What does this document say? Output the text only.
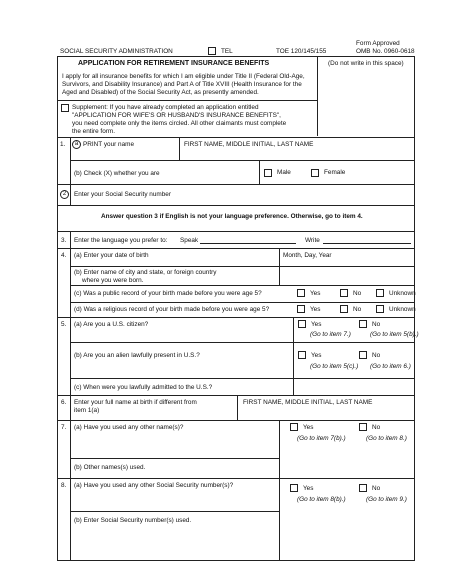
Form Approved
OMB No. 0960-0618
SOCIAL SECURITY ADMINISTRATION	TEL	TOE 120/145/155
APPLICATION FOR RETIREMENT INSURANCE BENEFITS	(Do not write in this space)
I apply for all insurance benefits for which I am eligible under Title II (Federal Old-Age,
Survivors, and Disability Insurance) and Part A of Title XVIII (Health Insurance for the
Aged and Disabled) of the Social Security Act, as presently amended.
Supplement: If you have already completed an application entitled
"APPLICATION FOR WIFE'S OR HUSBAND'S INSURANCE BENEFITS",
you need complete only the items circled. All other claimants must complete
the entire form.
1.	a PRINT your name	FIRST NAME, MIDDLE INITIAL, LAST NAME
(b) Check (X) whether you are	Male	Female
2	Enter your Social Security number
Answer question 3 if English is not your language preference. Otherwise, go to item 4.
3. Enter the language you prefer to: Speak	Write
4. (a) Enter your date of birth	Month, Day, Year
(b) Enter name of city and state, or foreign country
where you were born.
(c) Was a public record of your birth made before you were age 5?	Yes	No	Unknown
(d) Was a religious record of your birth made before you were age 5?	Yes	No	Unknown
5. (a) Are you a U.S. citizen?	Yes	No
(Go to item 7.)	(Go to item 5(b).)
(b) Are you an alien lawfully present in U.S.?	Yes	No
(Go to item 5(c).) (Go to item 6.)
(c) When were you lawfully admitted to the U.S.?
6. Enter your full name at birth if different from
item 1(a)
FIRST NAME, MIDDLE INITIAL, LAST NAME
7. (a) Have you used any other name(s)?	Yes	No
(Go to item 7(b).)	(Go to item 8.)
(b) Other names(s) used.
8. (a) Have you used any other Social Security number(s)?	Yes	No
(Go to item 8(b).)	(Go to item 9.)
(b) Enter Social Security number(s) used.
